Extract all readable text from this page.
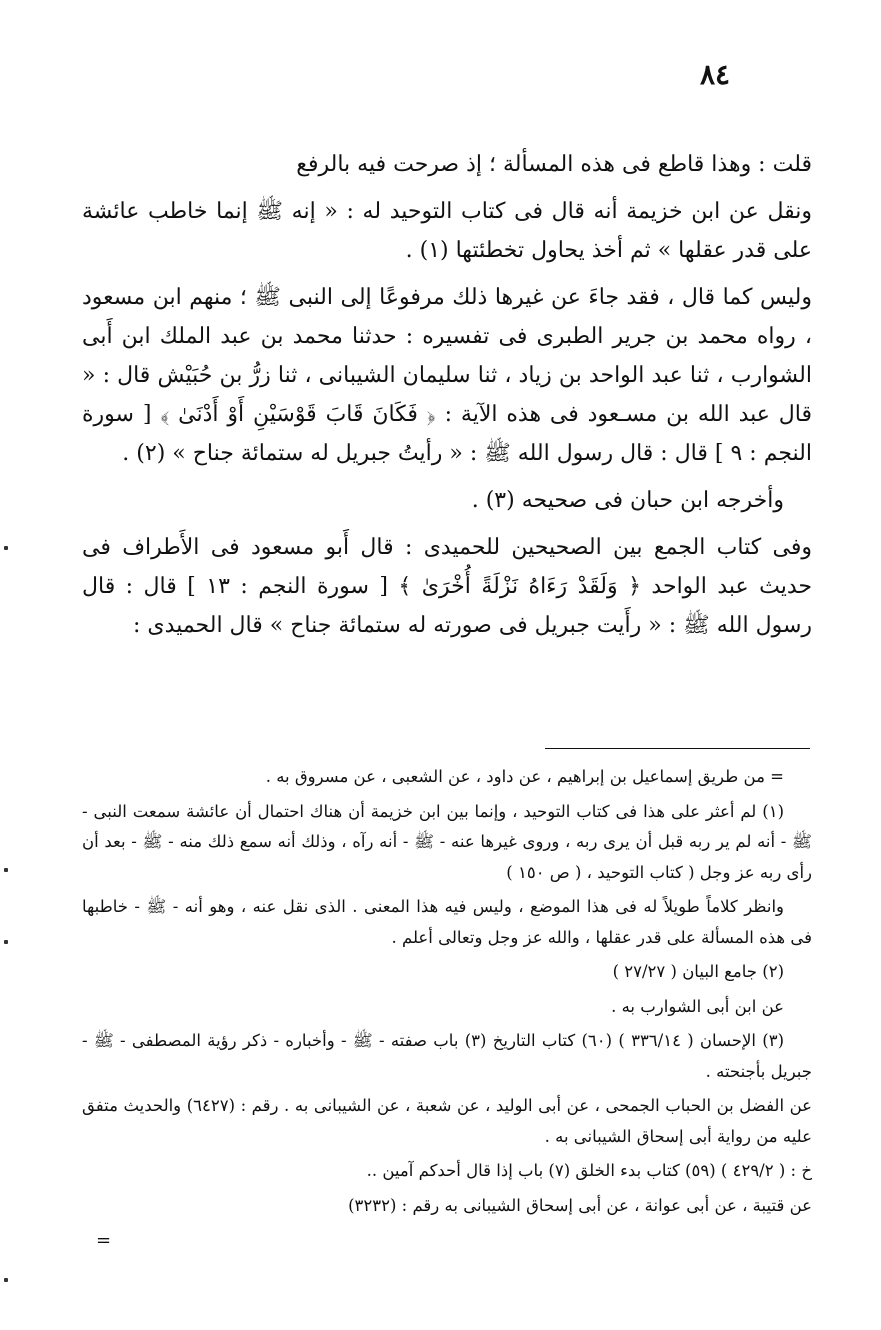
٨٤

قلت : وهذا قاطع فى هذه المسألة ؛ إذ صرحت فيه بالرفع

ونقل عن ابن خزيمة أنه قال فى كتاب التوحيد له : « إنه ﷺ إنما خاطب عائشة على قدر عقلها » ثم أخذ يحاول تخطئتها (١) .

وليس كما قال ، فقد جاءَ عن غيرها ذلك مرفوعًا إلى النبى ﷺ ؛ منهم ابن مسعود ، رواه محمد بن جرير الطبرى فى تفسيره : حدثنا محمد بن عبد الملك ابن أَبى الشوارب ، ثنا عبد الواحد بن زياد ، ثنا سليمان الشيبانى ، ثنا زرُّ بن حُبَيْش قال : « قال عبد الله بن مسـعود فى هذه الآية : ﴿ فَكَانَ قَابَ قَوْسَيْنِ أَوْ أَدْنَىٰ ﴾ [ سورة النجم : ٩ ] قال : قال رسول الله ﷺ : « رأيتُ جبريل له ستمائة جناح » (٢) .

وأخرجه ابن حبان فى صحيحه (٣) .

وفى كتاب الجمع بين الصحيحين للحميدى : قال أَبو مسعود فى الأَطراف فى حديث عبد الواحد ﴿ وَلَقَدْ رَءَاهُ نَزْلَةً أُخْرَىٰ ﴾ [ سورة النجم : ١٣ ] قال : قال رسول الله ﷺ : « رأَيت جبريل فى صورته له ستمائة جناح » قال الحميدى :

= من طريق إسماعيل بن إبراهيم ، عن داود ، عن الشعبى ، عن مسروق به .

(١) لم أعثر على هذا فى كتاب التوحيد ، وإنما بين ابن خزيمة أن هناك احتمال أن عائشة سمعت النبى - ﷺ - أنه لم ير ربه قبل أن يرى ربه ، وروى غيرها عنه - ﷺ - أنه رآه ، وذلك أنه سمع ذلك منه - ﷺ - بعد أن رأى ربه عز وجل ( كتاب التوحيد ، ( ص ١٥٠ )

وانظر كلاماً طويلاً له فى هذا الموضع ، وليس فيه هذا المعنى . الذى نقل عنه ، وهو أنه - ﷺ - خاطبها فى هذه المسألة على قدر عقلها ، والله عز وجل وتعالى أعلم .

(٢) جامع البيان ( ٢٧/٢٧ )

عن ابن أبى الشوارب به .

(٣) الإحسان ( ٣٣٦/١٤ ) (٦٠) كتاب التاريخ (٣) باب صفته - ﷺ - وأخباره - ذكر رؤية المصطفى - ﷺ - جبريل بأجنحته .

عن الفضل بن الحباب الجمحى ، عن أبى الوليد ، عن شعبة ، عن الشيبانى به . رقم : (٦٤٢٧) والحديث متفق عليه من رواية أبى إسحاق الشيبانى به .

خ : ( ٤٢٩/٢ ) (٥٩) كتاب بدء الخلق (٧) باب إذا قال أحدكم آمين ..

عن قتيبة ، عن أبى عوانة ، عن أبى إسحاق الشيبانى به رقم : (٣٢٣٢)

=
